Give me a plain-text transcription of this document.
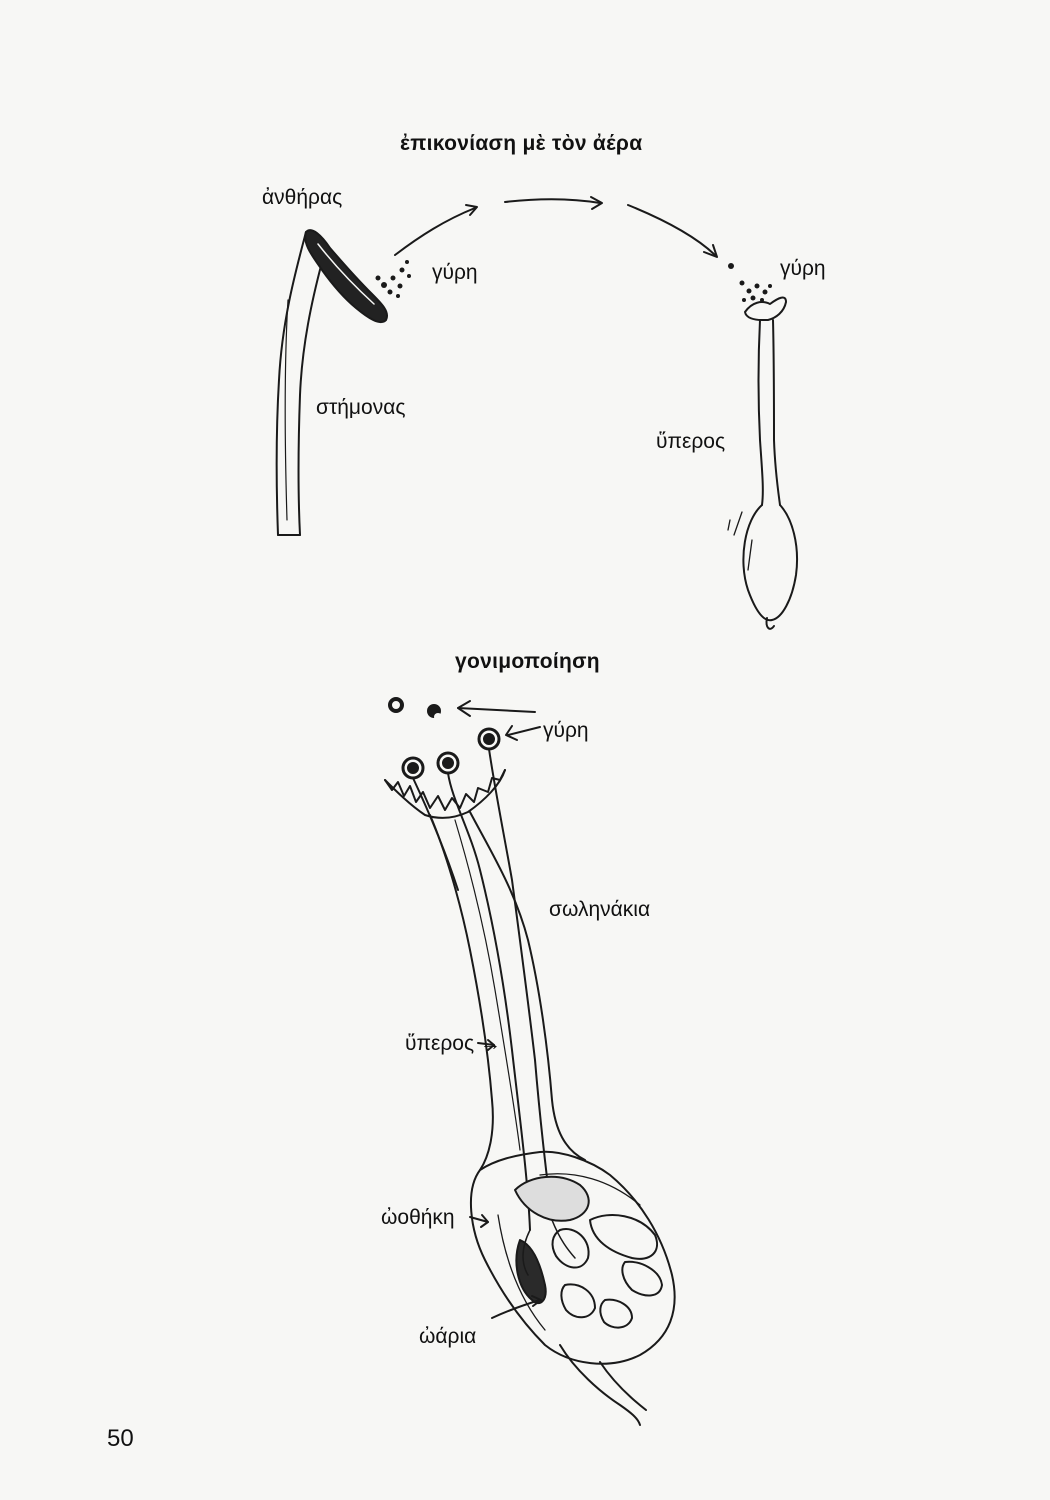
ἐπικονίαση μὲ τὸν ἀέρα
ἀνθήρας
γύρη	γύρη
στήμονας
ὕπερος
γονιμοποίηση
γύρη
σωληνάκια
ὕπερος →
ὠοθήκη
ὠάρια
50
